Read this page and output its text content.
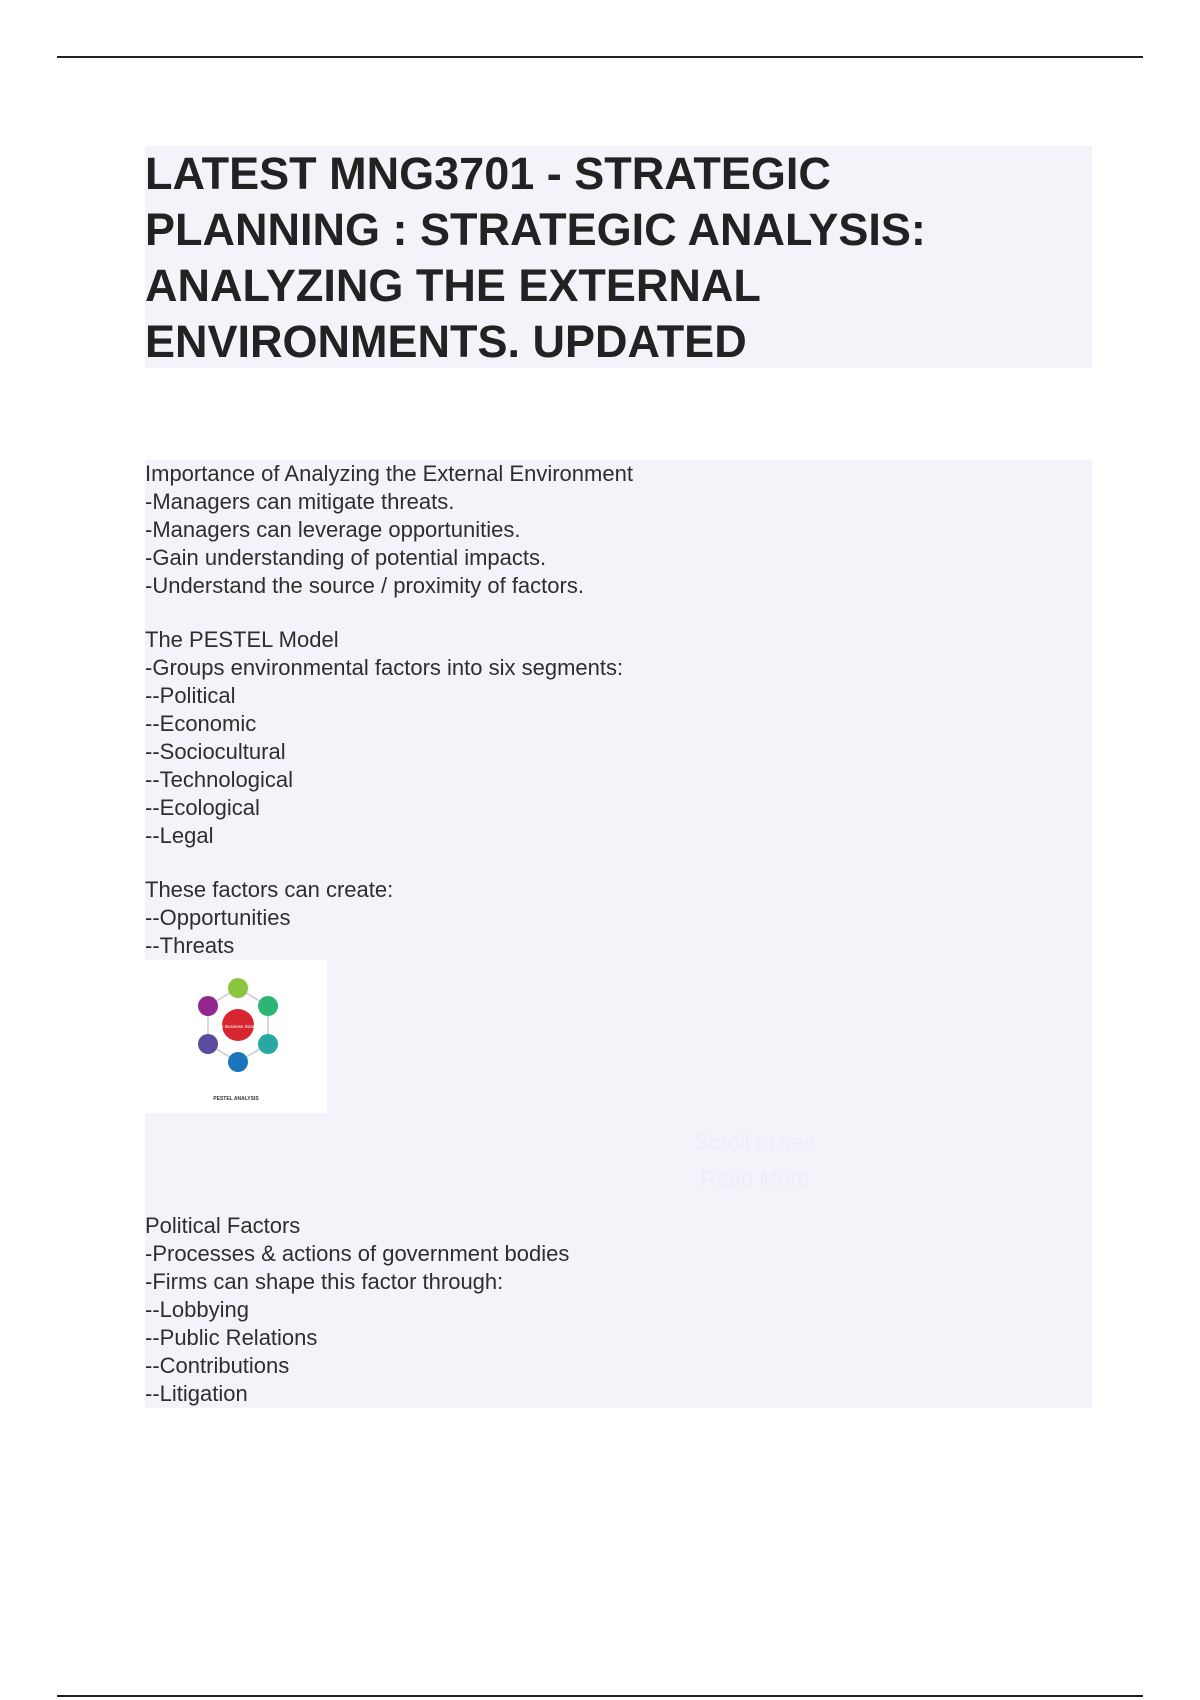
LATEST MNG3701 - STRATEGIC
PLANNING : STRATEGIC ANALYSIS:
ANALYZING THE EXTERNAL
ENVIRONMENTS. UPDATED
Importance of Analyzing the External Environment
-Managers can mitigate threats.
-Managers can leverage opportunities.
-Gain understanding of potential impacts.
-Understand the source / proximity of factors.
The PESTEL Model
-Groups environmental factors into six segments:
--Political
--Economic
--Sociocultural
--Technological
--Ecological
--Legal
These factors can create:
--Opportunities
--Threats
Your Business Strategy
PESTEL ANALYSIS
Scroll to see
Read More
Political Factors
-Processes & actions of government bodies
-Firms can shape this factor through:
--Lobbying
--Public Relations
--Contributions
--Litigation
